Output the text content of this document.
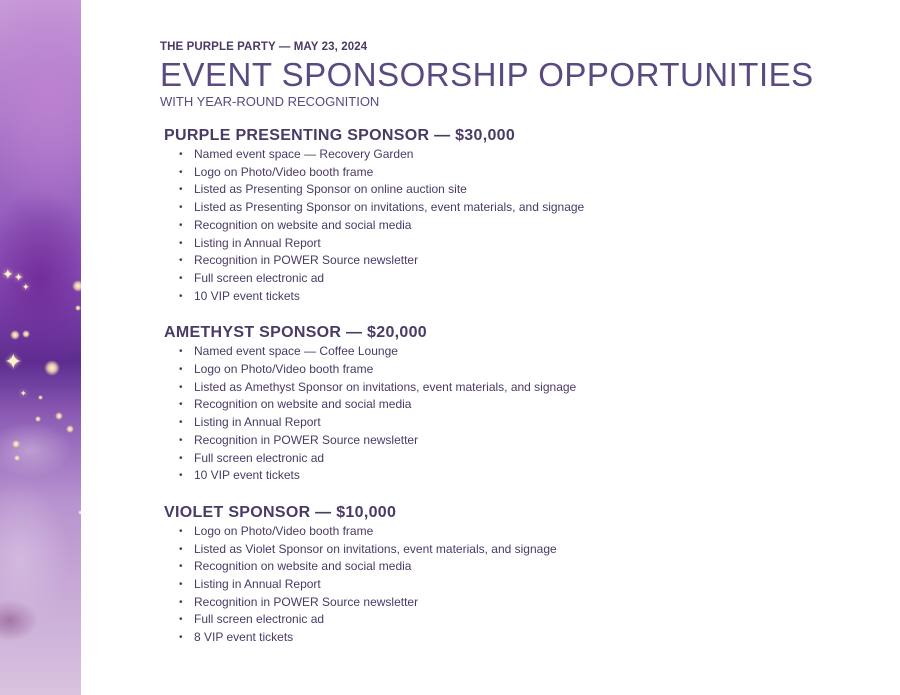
✦ ✦
✦
✦
✦
THE PURPLE PARTY — MAY 23, 2024
EVENT SPONSORSHIP OPPORTUNITIES
WITH YEAR-ROUND RECOGNITION
PURPLE PRESENTING SPONSOR — $30,000
• Named event space — Recovery Garden
• Logo on Photo/Video booth frame
• Listed as Presenting Sponsor on online auction site
• Listed as Presenting Sponsor on invitations, event materials, and signage
• Recognition on website and social media
• Listing in Annual Report
• Recognition in POWER Source newsletter
• Full screen electronic ad
• 10 VIP event tickets
AMETHYST SPONSOR — $20,000
• Named event space — Coffee Lounge
• Logo on Photo/Video booth frame
• Listed as Amethyst Sponsor on invitations, event materials, and signage
• Recognition on website and social media
• Listing in Annual Report
• Recognition in POWER Source newsletter
• Full screen electronic ad
• 10 VIP event tickets
VIOLET SPONSOR — $10,000
• Logo on Photo/Video booth frame
• Listed as Violet Sponsor on invitations, event materials, and signage
• Recognition on website and social media
• Listing in Annual Report
• Recognition in POWER Source newsletter
• Full screen electronic ad
• 8 VIP event tickets
